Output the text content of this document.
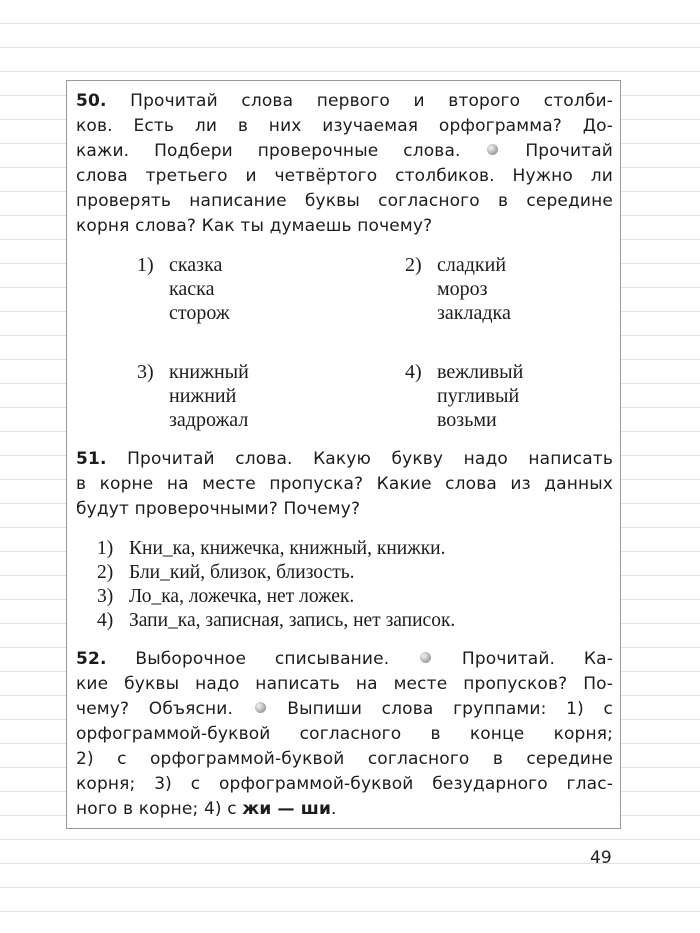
50. Прочитай слова первого и второго столби-
ков. Есть ли в них изучаемая орфограмма? До-
кажи. Подбери проверочные слова.  Прочитай
слова третьего и четвёртого столбиков. Нужно ли
проверять написание буквы согласного в середине
корня слова? Как ты думаешь почему?

1) сказка
каска
сторож
2) сладкий
мороз
закладка
3) книжный
нижний
задрожал
4) вежливый
пугливый
возьми

51. Прочитай слова. Какую букву надо написать
в корне на месте пропуска? Какие слова из данных
будут проверочными? Почему?

1) Кни_ка, книжечка, книжный, книжки.
2) Бли_кий, близок, близость.
3) Ло_ка, ложечка, нет ложек.
4) Запи_ка, записная, запись, нет записок.

52. Выборочное списывание.	Прочитай. Ка-
кие буквы надо написать на месте пропусков? По-
чему? Объясни.  Выпиши слова группами: 1) с
орфограммой-буквой согласного в конце корня;
2) с орфограммой-буквой согласного в середине
корня; 3) с орфограммой-буквой безударного глас-
ного в корне; 4) с жи — ши.

49
